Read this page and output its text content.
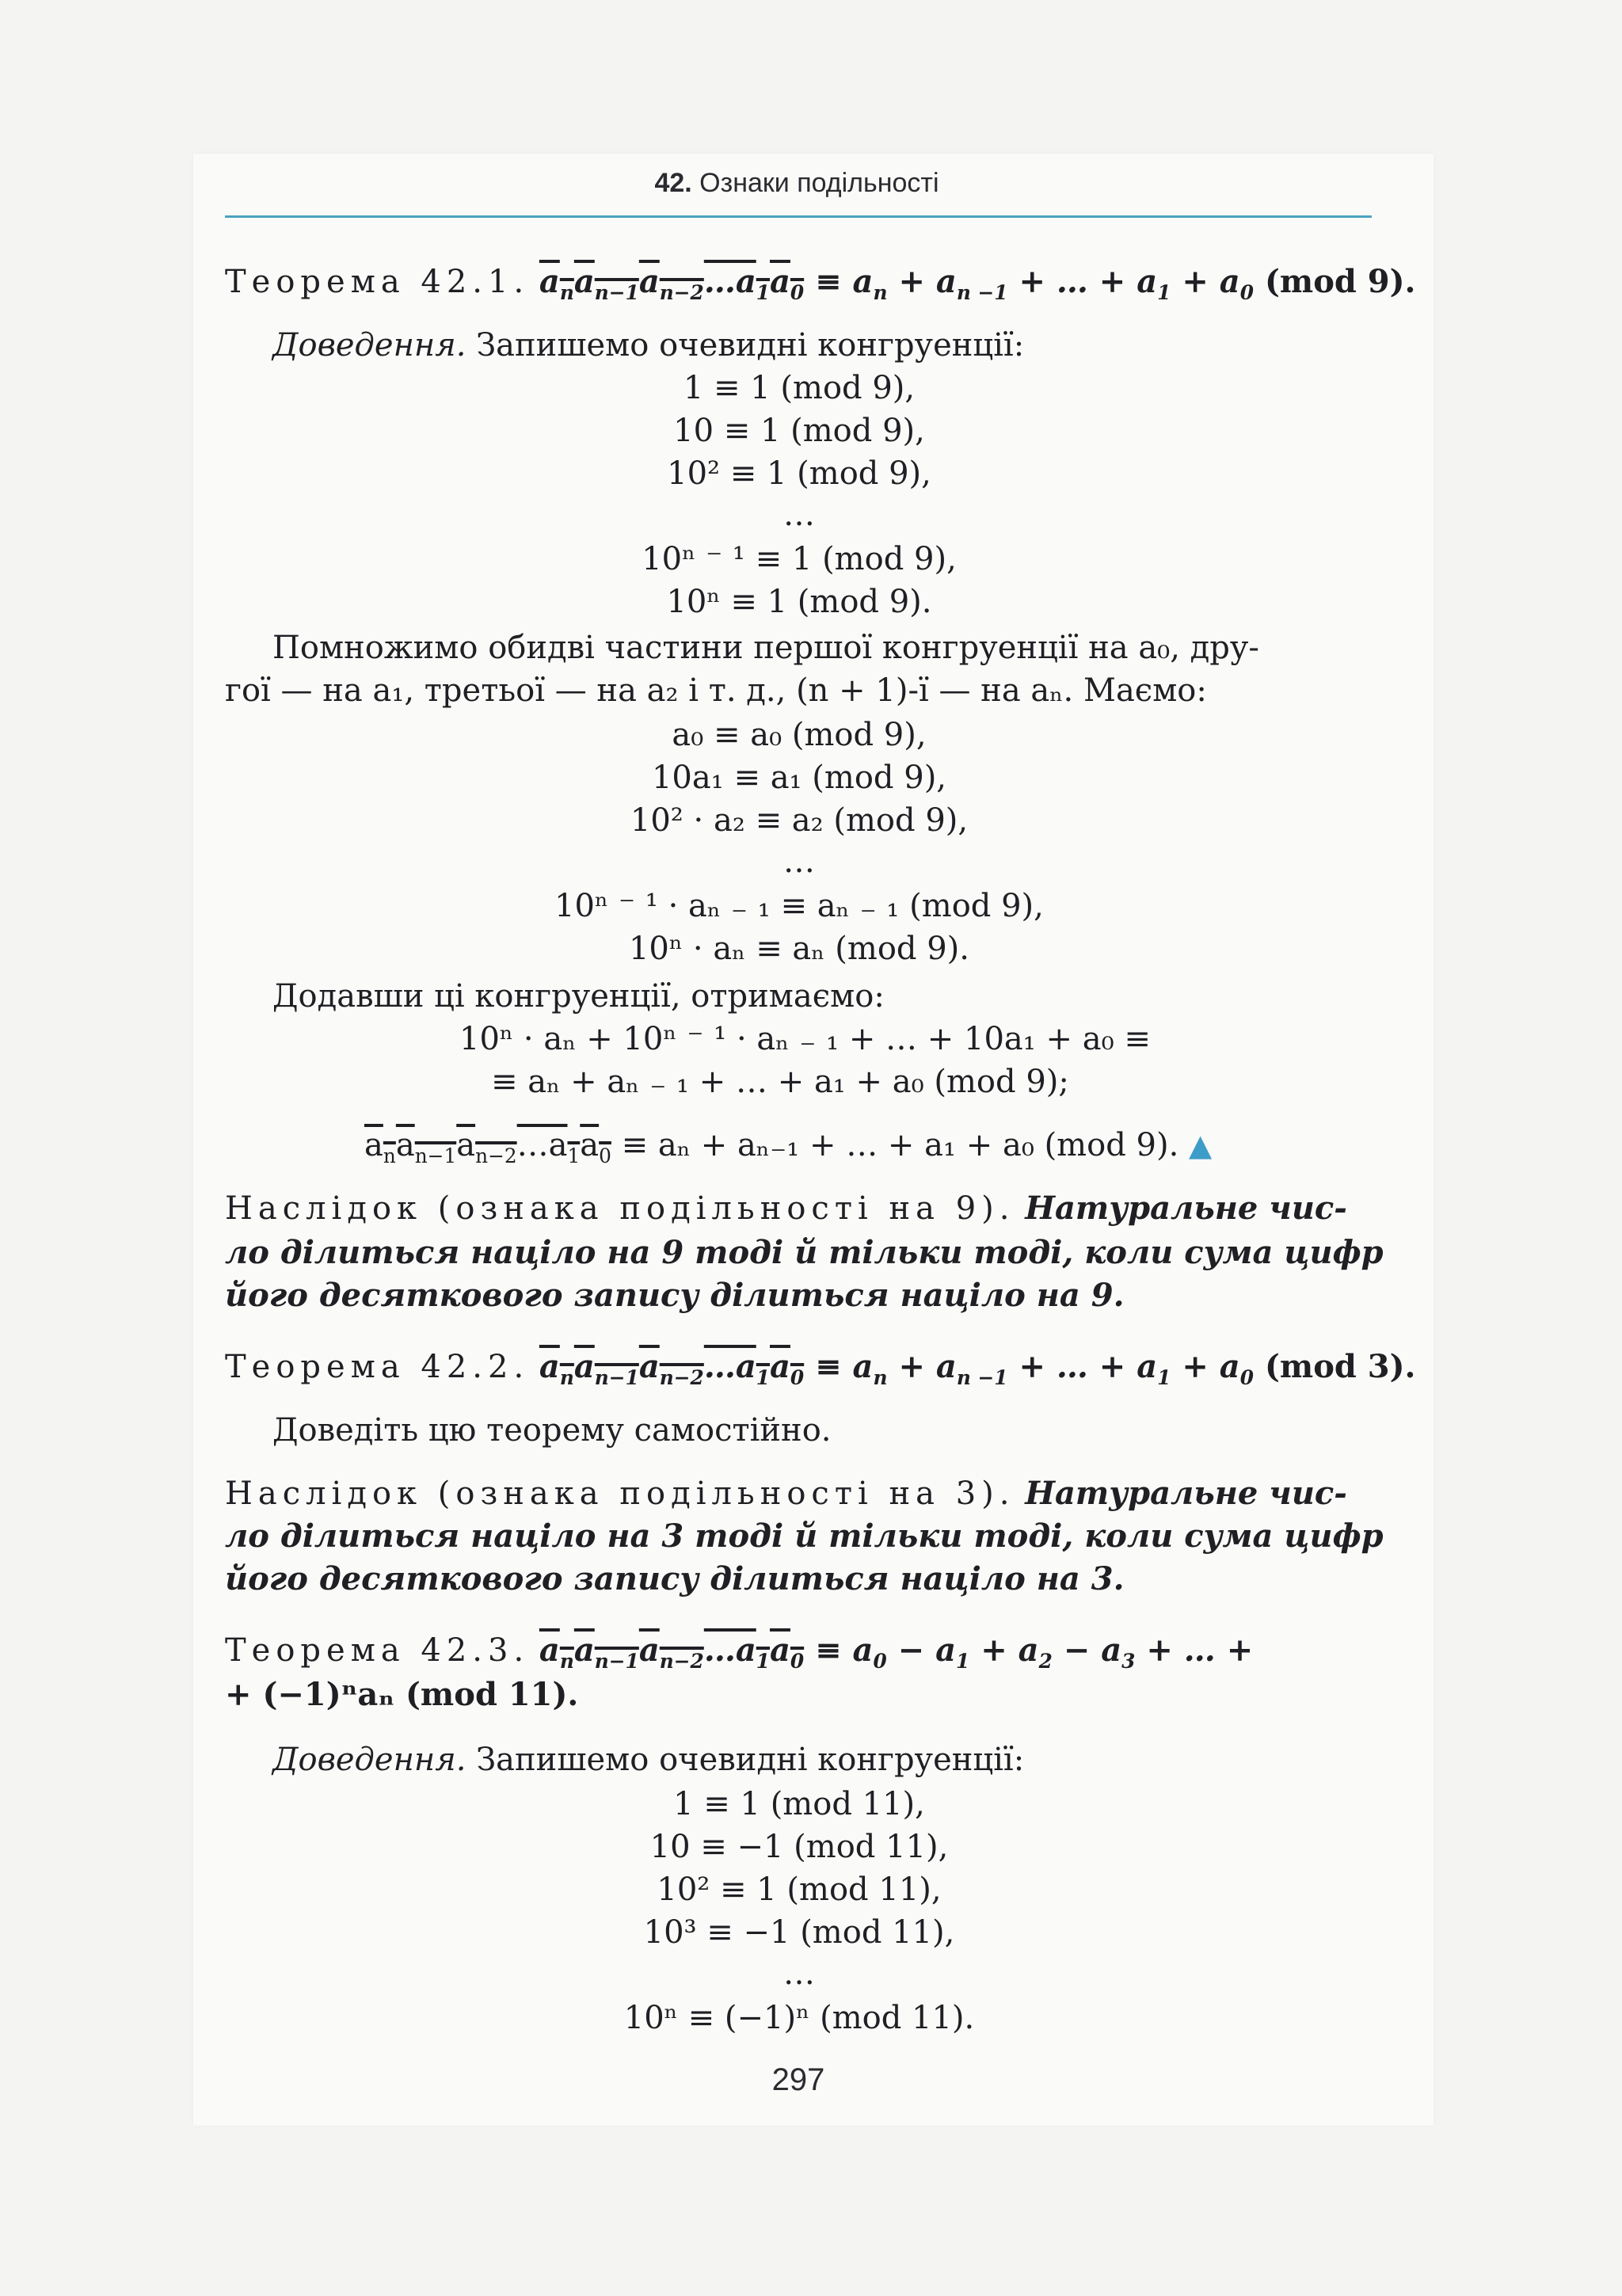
42. Ознаки подільності
Теорема 42.1. $a_na_{n-1}a_{n-2}\dots a_1a_0 \equiv a_n + a_{n -1}$ + … + $a_1 + a_0$ (mod 9).
Доведення. Запишемо очевидні конгруенції:
1 ≡ 1 (mod 9),
10 ≡ 1 (mod 9),
10² ≡ 1 (mod 9),
…
10ⁿ ⁻ ¹ ≡ 1 (mod 9),
10ⁿ ≡ 1 (mod 9).
Помножимо обидві частини першої конгруенції на a₀, дру-
гої — на a₁, третьої — на a₂ і т. д., (n + 1)-ї — на aₙ. Маємо:
a₀ ≡ a₀ (mod 9),
10a₁ ≡ a₁ (mod 9),
10² · a₂ ≡ a₂ (mod 9),
…
10ⁿ ⁻ ¹ · aₙ ₋ ₁ ≡ aₙ ₋ ₁ (mod 9),
10ⁿ · aₙ ≡ aₙ (mod 9).
Додавши ці конгруенції, отримаємо:
10ⁿ · aₙ + 10ⁿ ⁻ ¹ · aₙ ₋ ₁ + … + 10a₁ + a₀ ≡
≡ aₙ + aₙ ₋ ₁ + … + a₁ + a₀ (mod 9);
$a_na_{n-1}a_{n-2}\dots a_1a_0 \equiv a_n + a_{n-1}$ + … + a₁ + a₀ (mod 9). ▲
Наслідок (ознака подільності на 9). Натуральне чис-
ло ділиться націло на 9 тоді й тільки тоді, коли сума цифр
його десяткового запису ділиться націло на 9.
Теорема 42.2. $a_na_{n-1}a_{n-2}\dots a_1a_0 \equiv a_n + a_{n -1}$ + … + $a_1 + a_0$ (mod 3).
Доведіть цю теорему самостійно.
Наслідок (ознака подільності на 3). Натуральне чис-
ло ділиться націло на 3 тоді й тільки тоді, коли сума цифр
його десяткового запису ділиться націло на 3.
Теорема 42.3. $a_na_{n-1}a_{n-2}\dots a_1a_0 \equiv a_0 - a_1 + a_2 - a_3$ + … +
+ (−1)ⁿaₙ (mod 11).
Доведення. Запишемо очевидні конгруенції:
1 ≡ 1 (mod 11),
10 ≡ −1 (mod 11),
10² ≡ 1 (mod 11),
10³ ≡ −1 (mod 11),
…
10ⁿ ≡ (−1)ⁿ (mod 11).
297
